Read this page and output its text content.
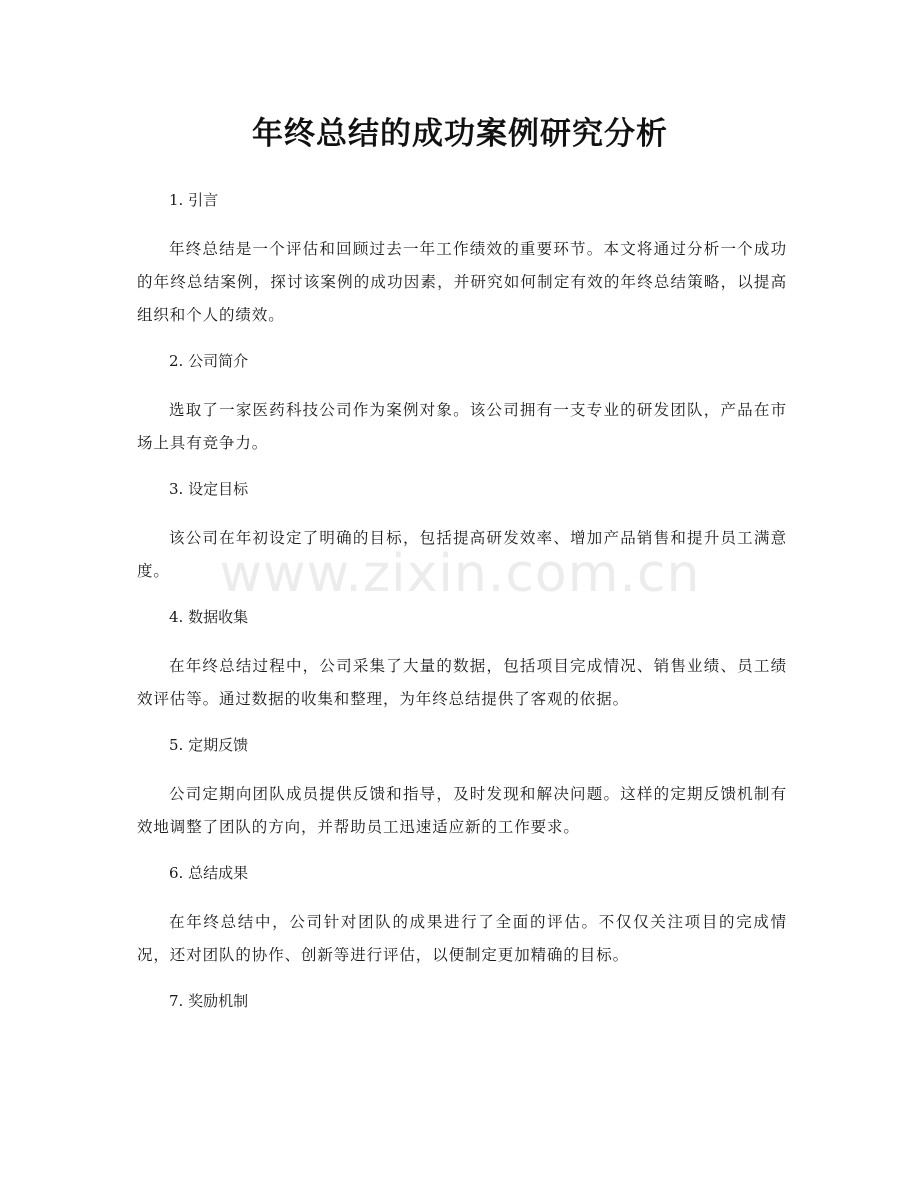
年终总结的成功案例研究分析
1. 引言

年终总结是一个评估和回顾过去一年工作绩效的重要环节。本文将通过分析一个成功的年终总结案例，探讨该案例的成功因素，并研究如何制定有效的年终总结策略，以提高组织和个人的绩效。

2. 公司简介

选取了一家医药科技公司作为案例对象。该公司拥有一支专业的研发团队，产品在市场上具有竞争力。

3. 设定目标

该公司在年初设定了明确的目标，包括提高研发效率、增加产品销售和提升员工满意度。

4. 数据收集

在年终总结过程中，公司采集了大量的数据，包括项目完成情况、销售业绩、员工绩效评估等。通过数据的收集和整理，为年终总结提供了客观的依据。

5. 定期反馈

公司定期向团队成员提供反馈和指导，及时发现和解决问题。这样的定期反馈机制有效地调整了团队的方向，并帮助员工迅速适应新的工作要求。

6. 总结成果

在年终总结中，公司针对团队的成果进行了全面的评估。不仅仅关注项目的完成情况，还对团队的协作、创新等进行评估，以便制定更加精确的目标。

7. 奖励机制
www.zixin.com.cn
